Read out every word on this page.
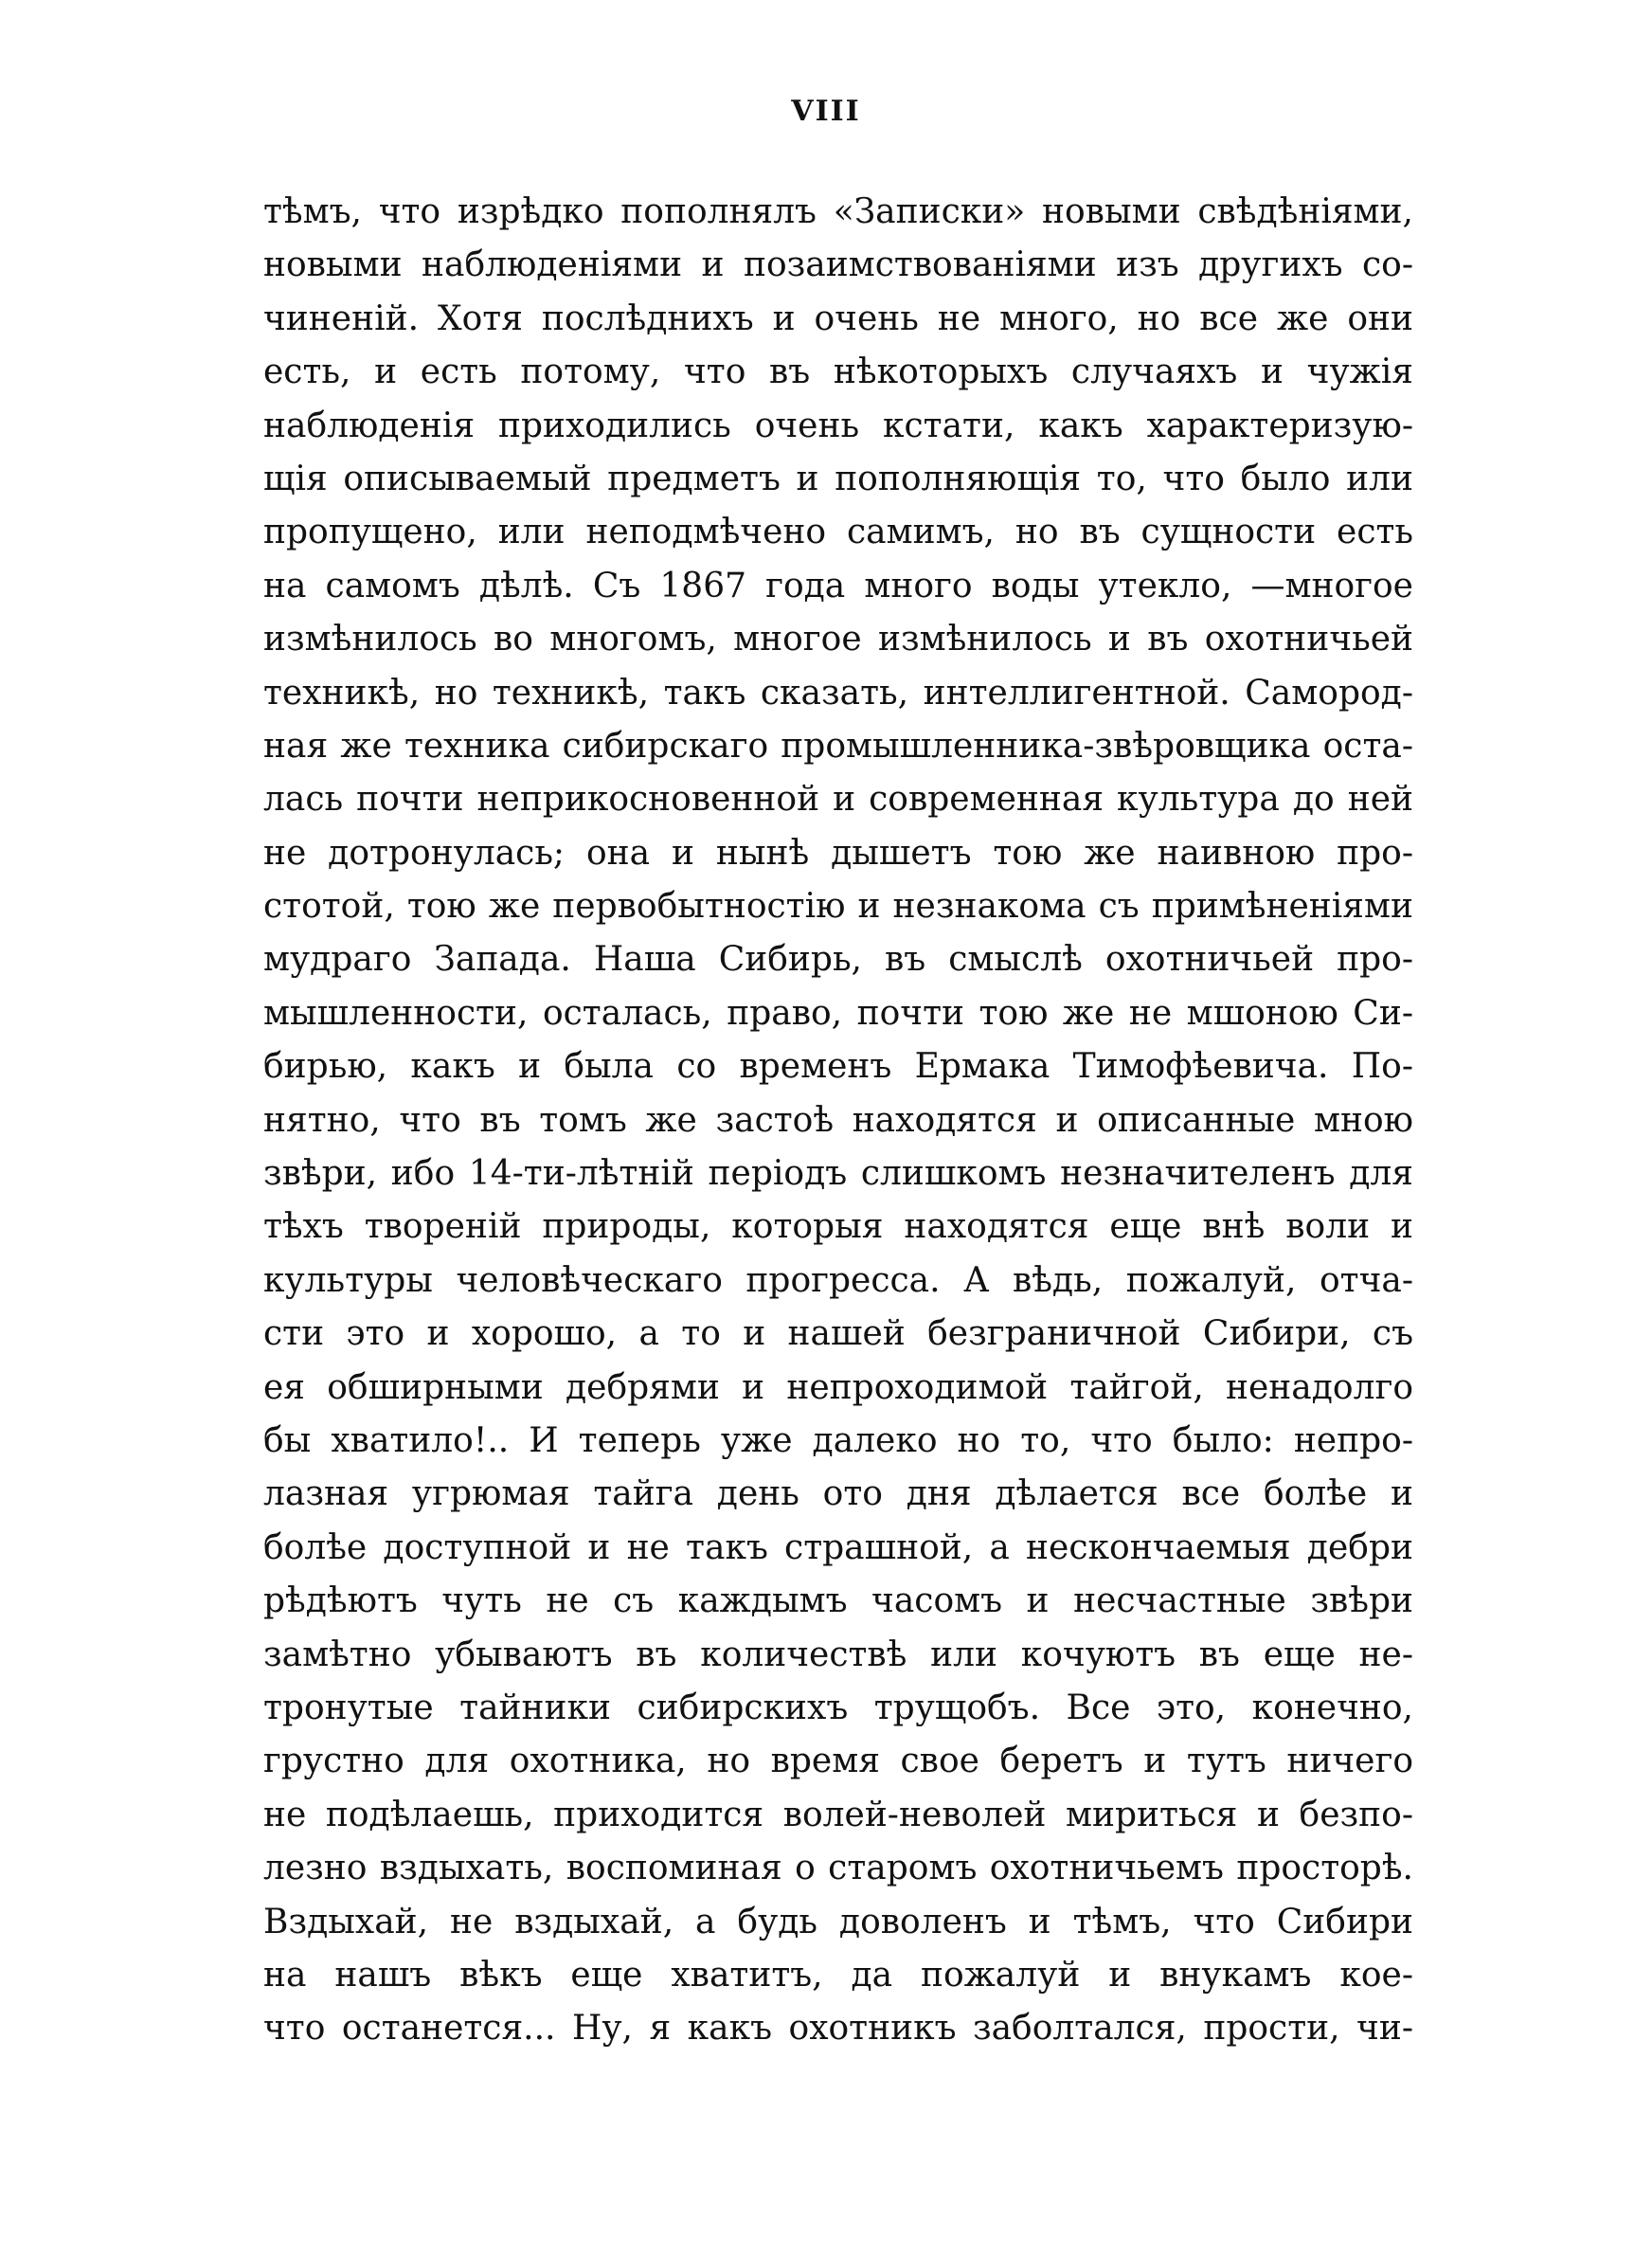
VIII
тѣмъ, что изрѣдко пополнялъ «Записки» новыми свѣдѣніями,
новыми наблюденіями и позаимствованіями изъ другихъ со-
чиненій. Хотя послѣднихъ и очень не много, но все же они
есть, и есть потому, что въ нѣкоторыхъ случаяхъ и чужія
наблюденія приходились очень кстати, какъ характеризую-
щія описываемый предметъ и пополняющія то, что было или
пропущено, или неподмѣчено самимъ, но въ сущности есть
на самомъ дѣлѣ. Съ 1867 года много воды утекло, —многое
измѣнилось во многомъ, многое измѣнилось и въ охотничьей
техникѣ, но техникѣ, такъ сказать, интеллигентной. Самород-
ная же техника сибирскаго промышленника-звѣровщика оста-
лась почти неприкосновенной и современная культура до ней
не дотронулась; она и нынѣ дышетъ тою же наивною про-
стотой, тою же первобытностію и незнакома съ примѣненіями
мудраго Запада. Наша Сибирь, въ смыслѣ охотничьей про-
мышленности, осталась, право, почти тою же не мшоною Си-
бирью, какъ и была со временъ Ермака Тимофѣевича. По-
нятно, что въ томъ же застоѣ находятся и описанные мною
звѣри, ибо 14-ти-лѣтній періодъ слишкомъ незначителенъ для
тѣхъ твореній природы, которыя находятся еще внѣ воли и
культуры человѣческаго прогресса. А вѣдь, пожалуй, отча-
сти это и хорошо, а то и нашей безграничной Сибири, съ
ея обширными дебрями и непроходимой тайгой, ненадолго
бы хватило!.. И теперь уже далеко но то, что было: непро-
лазная угрюмая тайга день ото дня дѣлается все болѣе и
болѣе доступной и не такъ страшной, а нескончаемыя дебри
рѣдѣютъ чуть не съ каждымъ часомъ и несчастные звѣри
замѣтно убываютъ въ количествѣ или кочуютъ въ еще не-
тронутые тайники сибирскихъ трущобъ. Все это, конечно,
грустно для охотника, но время свое беретъ и тутъ ничего
не подѣлаешь, приходится волей-неволей мириться и безпо-
лезно вздыхать, воспоминая о старомъ охотничьемъ просторѣ.
Вздыхай, не вздыхай, а будь доволенъ и тѣмъ, что Сибири
на нашъ вѣкъ еще хватитъ, да пожалуй и внукамъ кое-
что останется... Ну, я какъ охотникъ заболтался, прости, чи-
